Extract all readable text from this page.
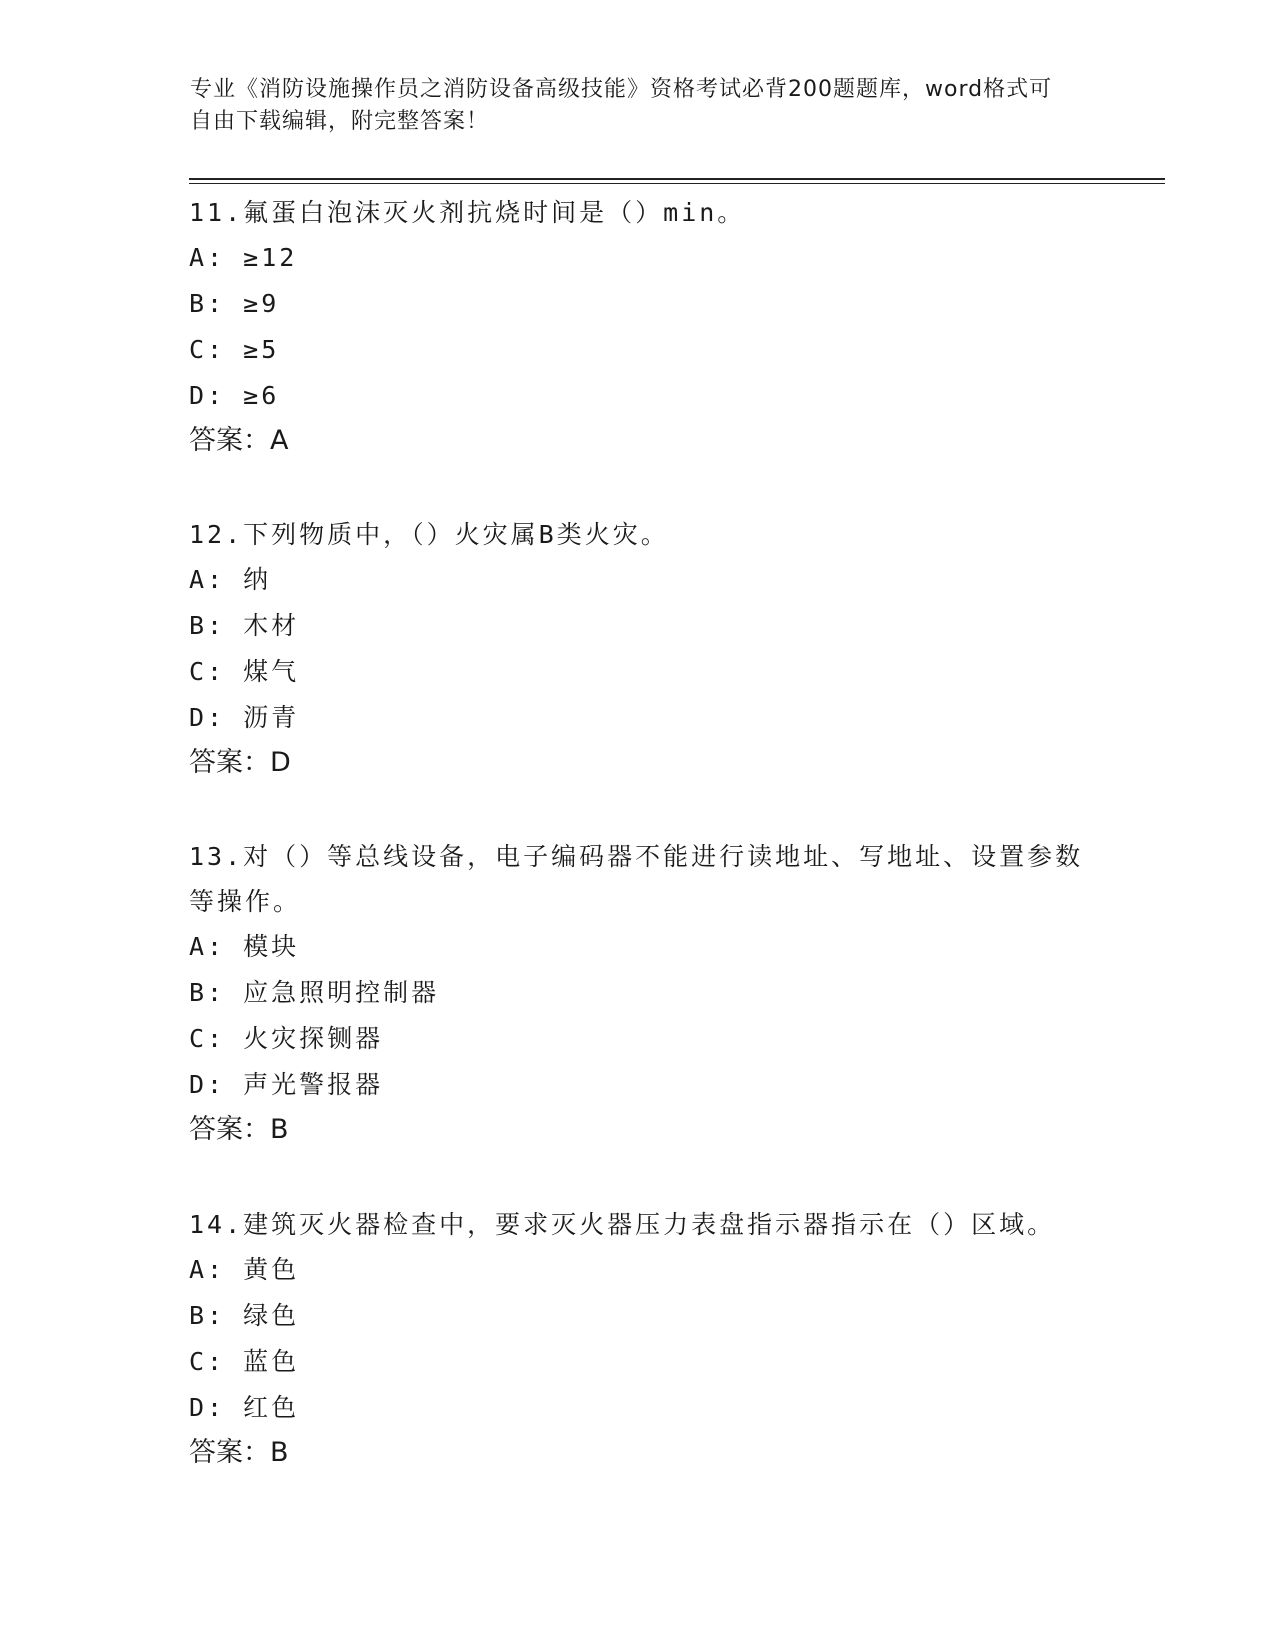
专业《消防设施操作员之消防设备高级技能》资格考试必背200题题库，word格式可自由下载编辑，附完整答案！

11.氟蛋白泡沫灭火剂抗烧时间是（）min。

A: ≥12

B: ≥9

C: ≥5

D: ≥6

答案：A

12.下列物质中，（）火灾属B类火灾。

A: 纳

B: 木材

C: 煤气

D: 沥青

答案：D

13.对（）等总线设备，电子编码器不能进行读地址、写地址、设置参数等操作。

A: 模块

B: 应急照明控制器

C: 火灾探铡器

D: 声光警报器

答案：B

14.建筑灭火器检查中，要求灭火器压力表盘指示器指示在（）区域。

A: 黄色

B: 绿色

C: 蓝色

D: 红色

答案：B
